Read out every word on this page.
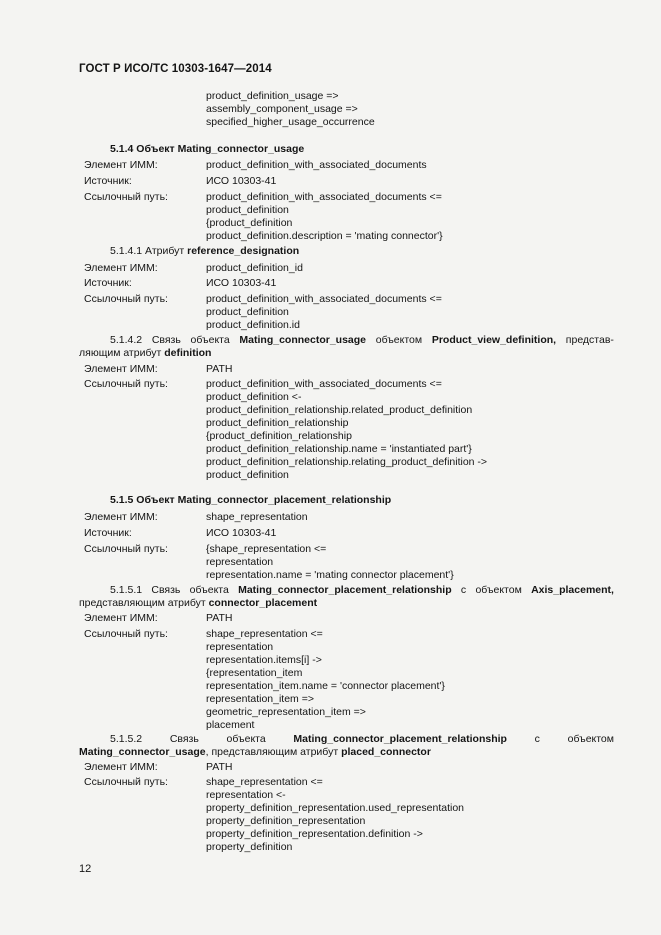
ГОСТ Р ИСО/ТС 10303-1647—2014
product_definition_usage =>
assembly_component_usage =>
specified_higher_usage_occurrence
5.1.4 Объект Mating_connector_usage
Элемент ИММ:	product_definition_with_associated_documents
Источник:	ИСО 10303-41
Ссылочный путь:	product_definition_with_associated_documents <=
product_definition
{product_definition
product_definition.description = 'mating connector'}
5.1.4.1 Атрибут reference_designation
Элемент ИММ:	product_definition_id
Источник:	ИСО 10303-41
Ссылочный путь:	product_definition_with_associated_documents <=
product_definition
product_definition.id
5.1.4.2 Связь объекта Mating_connector_usage объектом Product_view_definition, представ-
ляющим атрибут definition
Элемент ИММ:	PATH
Ссылочный путь:	product_definition_with_associated_documents <=
product_definition <-
product_definition_relationship.related_product_definition
product_definition_relationship
{product_definition_relationship
product_definition_relationship.name = 'instantiated part'}
product_definition_relationship.relating_product_definition ->
product_definition
5.1.5 Объект Mating_connector_placement_relationship
Элемент ИММ:	shape_representation
Источник:	ИСО 10303-41
Ссылочный путь:	{shape_representation <=
representation
representation.name = 'mating connector placement'}
5.1.5.1 Связь объекта Mating_connector_placement_relationship с объектом Axis_placement,
представляющим атрибут connector_placement
Элемент ИММ:	PATH
Ссылочный путь:	shape_representation <=
representation
representation.items[i] ->
{representation_item
representation_item.name = 'connector placement'}
representation_item =>
geometric_representation_item =>
placement
5.1.5.2	Связь	объекта	Mating_connector_placement_relationship	с	объектом
Mating_connector_usage, представляющим атрибут placed_connector
Элемент ИММ:	PATH
Ссылочный путь:	shape_representation <=
representation <-
property_definition_representation.used_representation
property_definition_representation
property_definition_representation.definition ->
property_definition
12
